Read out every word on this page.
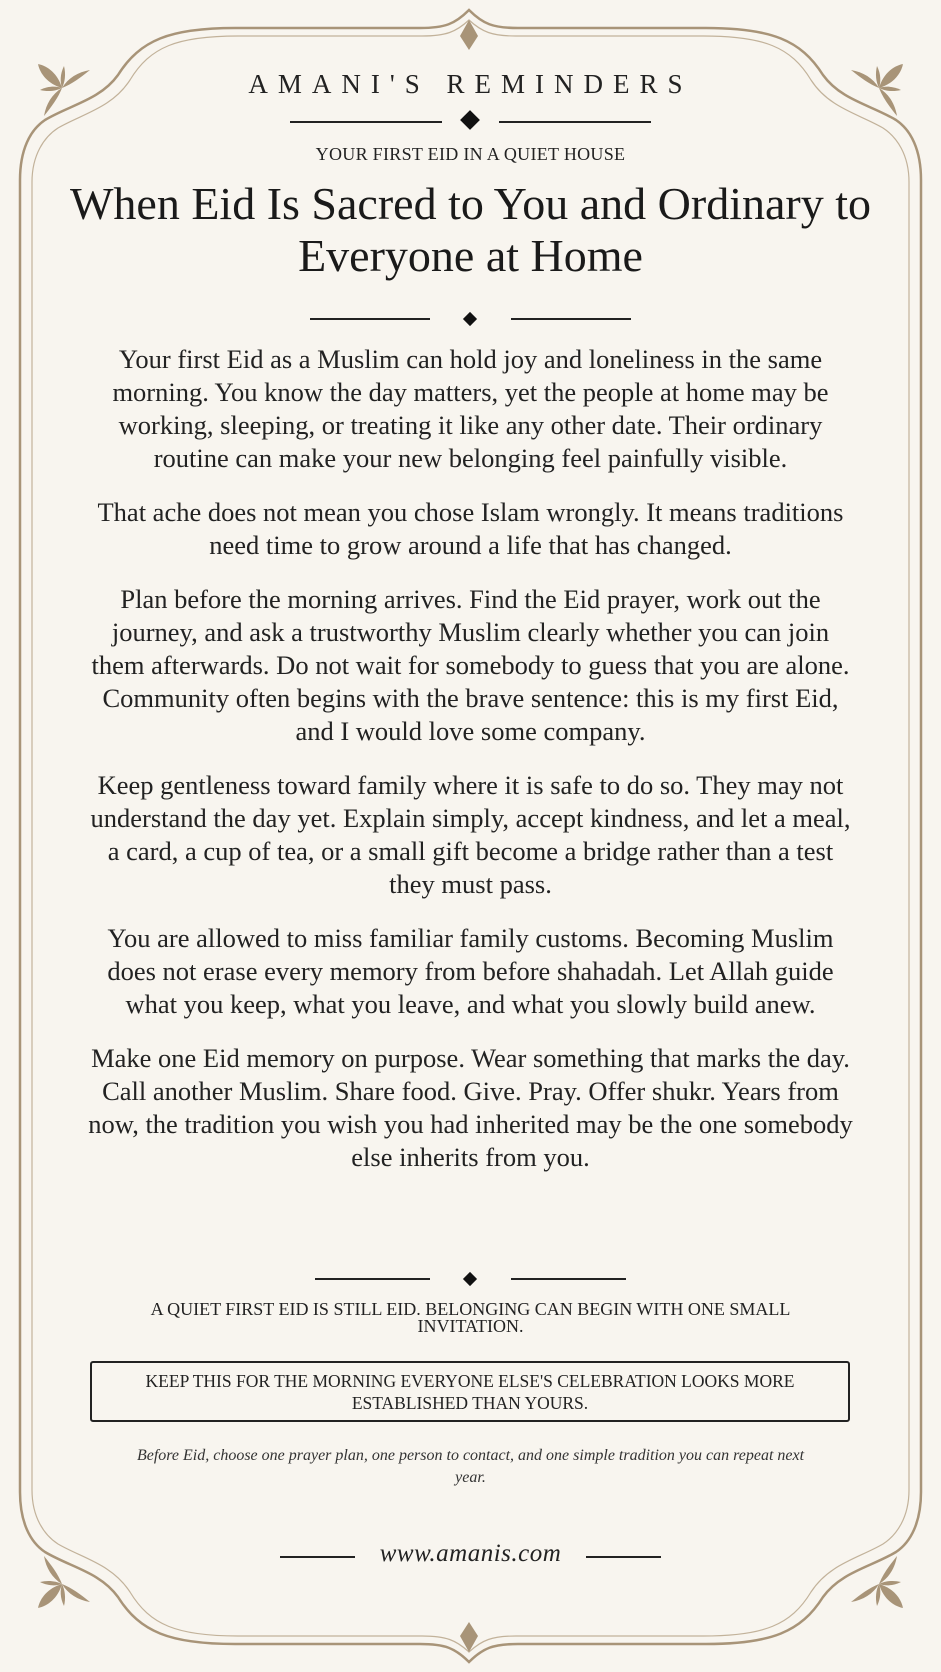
AMANI'S REMINDERS
YOUR FIRST EID IN A QUIET HOUSE
When Eid Is Sacred to You and Ordinary to Everyone at Home

Your first Eid as a Muslim can hold joy and loneliness in the same morning. You know the day matters, yet the people at home may be working, sleeping, or treating it like any other date. Their ordinary routine can make your new belonging feel painfully visible.

That ache does not mean you chose Islam wrongly. It means traditions need time to grow around a life that has changed.

Plan before the morning arrives. Find the Eid prayer, work out the journey, and ask a trustworthy Muslim clearly whether you can join them afterwards. Do not wait for somebody to guess that you are alone. Community often begins with the brave sentence: this is my first Eid, and I would love some company.

Keep gentleness toward family where it is safe to do so. They may not understand the day yet. Explain simply, accept kindness, and let a meal, a card, a cup of tea, or a small gift become a bridge rather than a test they must pass.

You are allowed to miss familiar family customs. Becoming Muslim does not erase every memory from before shahadah. Let Allah guide what you keep, what you leave, and what you slowly build anew.

Make one Eid memory on purpose. Wear something that marks the day. Call another Muslim. Share food. Give. Pray. Offer shukr. Years from now, the tradition you wish you had inherited may be the one somebody else inherits from you.

A QUIET FIRST EID IS STILL EID. BELONGING CAN BEGIN WITH ONE SMALL INVITATION.
KEEP THIS FOR THE MORNING EVERYONE ELSE'S CELEBRATION LOOKS MORE ESTABLISHED THAN YOURS.
Before Eid, choose one prayer plan, one person to contact, and one simple tradition you can repeat next year.
www.amanis.com
